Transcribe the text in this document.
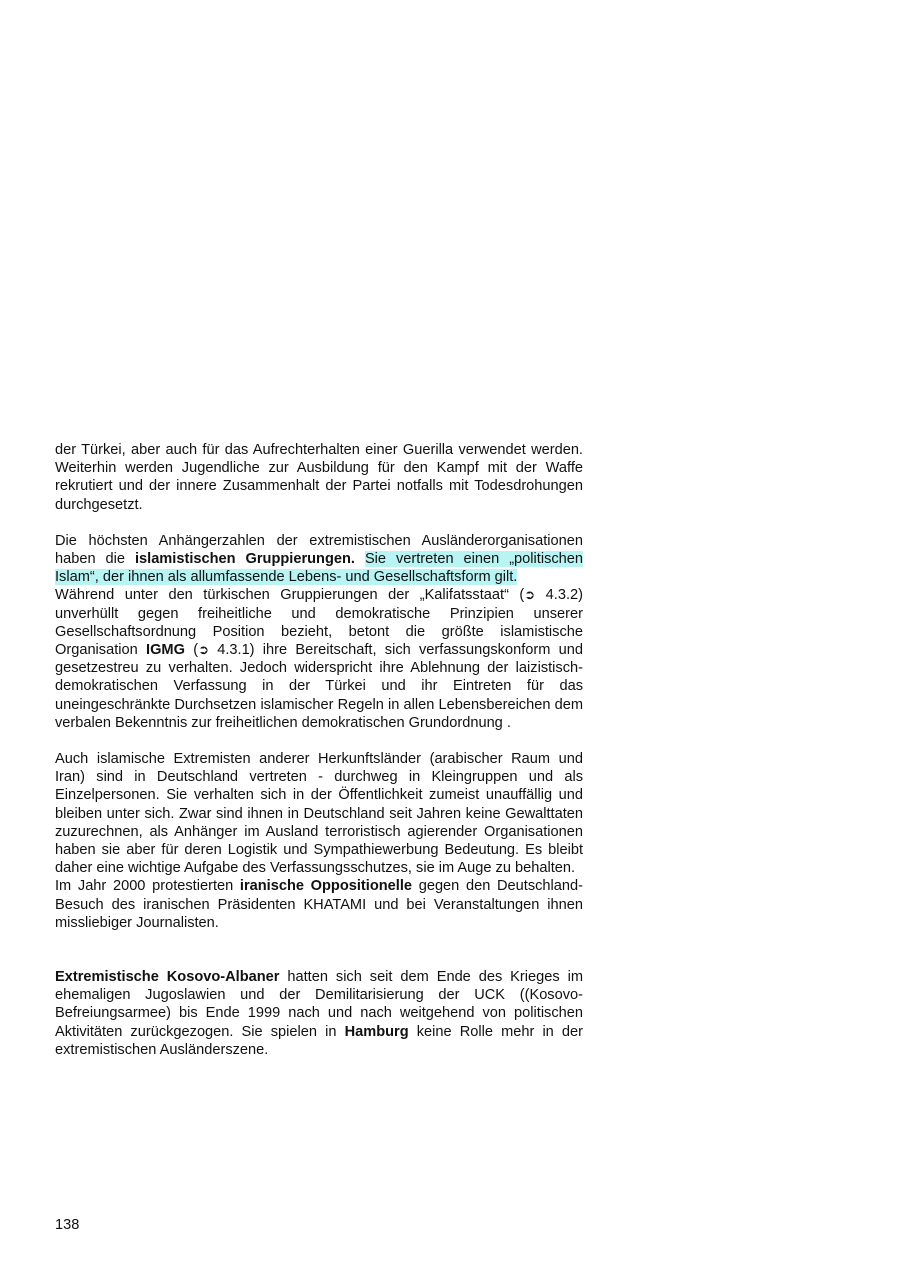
der Türkei, aber auch für das Aufrechterhalten einer Guerilla verwendet werden. Weiterhin werden Jugendliche zur Ausbildung für den Kampf mit der Waffe rekrutiert und der innere Zusammenhalt der Partei notfalls mit Todesdrohungen durchgesetzt.

Die höchsten Anhängerzahlen der extremistischen Ausländerorganisationen haben die islamistischen Gruppierungen. Sie vertreten einen „politischen Islam“, der ihnen als allumfassende Lebens- und Gesellschaftsform gilt.
Während unter den türkischen Gruppierungen der „Kalifatsstaat“ (➲ 4.3.2) unverhüllt gegen freiheitliche und demokratische Prinzipien unserer Gesellschaftsordnung Position bezieht, betont die größte islamistische Organisation IGMG (➲ 4.3.1) ihre Bereitschaft, sich verfassungskonform und gesetzestreu zu verhalten. Jedoch widerspricht ihre Ablehnung der laizistisch-demokratischen Verfassung in der Türkei und ihr Eintreten für das uneingeschränkte Durchsetzen islamischer Regeln in allen Lebensbereichen dem verbalen Bekenntnis zur freiheitlichen demokratischen Grundordnung .

Auch islamische Extremisten anderer Herkunftsländer (arabischer Raum und Iran) sind in Deutschland vertreten - durchweg in Kleingruppen und als Einzelpersonen. Sie verhalten sich in der Öffentlichkeit zumeist unauffällig und bleiben unter sich. Zwar sind ihnen in Deutschland seit Jahren keine Gewalttaten zuzurechnen, als Anhänger im Ausland terroristisch agierender Organisationen haben sie aber für deren Logistik und Sympathiewerbung Bedeutung. Es bleibt daher eine wichtige Aufgabe des Verfassungsschutzes, sie im Auge zu behalten.
Im Jahr 2000 protestierten iranische Oppositionelle gegen den Deutschland-Besuch des iranischen Präsidenten KHATAMI und bei Veranstaltungen ihnen missliebiger Journalisten.

Extremistische Kosovo-Albaner hatten sich seit dem Ende des Krieges im ehemaligen Jugoslawien und der Demilitarisierung der UCK ((Kosovo-Befreiungsarmee) bis Ende 1999 nach und nach weitgehend von politischen Aktivitäten zurückgezogen. Sie spielen in Hamburg keine Rolle mehr in der extremistischen Ausländerszene.

138
